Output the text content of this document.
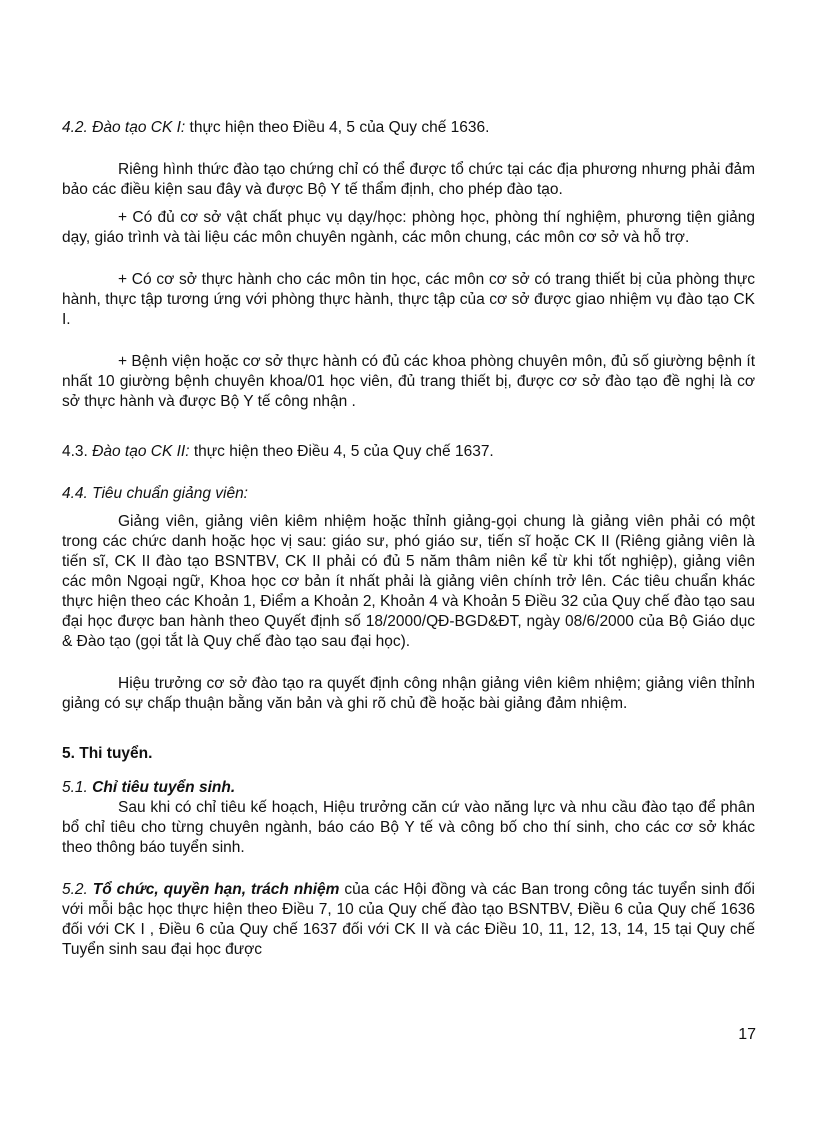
4.2. Đào tạo CK I: thực hiện theo Điều 4, 5 của Quy chế 1636.

Riêng hình thức đào tạo chứng chỉ có thể được tổ chức tại các địa phương nhưng phải đảm bảo các điều kiện sau đây và được Bộ Y tế thẩm định, cho phép đào tạo.

+ Có đủ cơ sở vật chất phục vụ dạy/học: phòng học, phòng thí nghiệm, phương tiện giảng dạy, giáo trình và tài liệu các môn chuyên ngành, các môn chung, các môn cơ sở và hỗ trợ.

+ Có cơ sở thực hành cho các môn tin học, các môn cơ sở có trang thiết bị của phòng thực hành, thực tập tương ứng với phòng thực hành, thực tập của cơ sở được giao nhiệm vụ đào tạo CK I.

+ Bệnh viện hoặc cơ sở thực hành có đủ các khoa phòng chuyên môn, đủ số giường bệnh ít nhất 10 giường bệnh chuyên khoa/01 học viên, đủ trang thiết bị, được cơ sở đào tạo đề nghị là cơ sở thực hành và được Bộ Y tế công nhận .

4.3. Đào tạo CK II: thực hiện theo Điều 4, 5 của Quy chế 1637.

4.4. Tiêu chuẩn giảng viên:

Giảng viên, giảng viên kiêm nhiệm hoặc thỉnh giảng-gọi chung là giảng viên phải có một trong các chức danh hoặc học vị sau: giáo sư, phó giáo sư, tiến sĩ hoặc CK II (Riêng giảng viên là tiến sĩ, CK II đào tạo BSNTBV, CK II phải có đủ 5 năm thâm niên kể từ khi tốt nghiệp), giảng viên các môn Ngoại ngữ, Khoa học cơ bản ít nhất phải là giảng viên chính trở lên. Các tiêu chuẩn khác thực hiện theo các Khoản 1, Điểm a Khoản 2, Khoản 4 và Khoản 5 Điều 32 của Quy chế đào tạo sau đại học được ban hành theo Quyết định số 18/2000/QĐ-BGD&ĐT, ngày 08/6/2000 của Bộ Giáo dục & Đào tạo (gọi tắt là Quy chế đào tạo sau đại học).

Hiệu trưởng cơ sở đào tạo ra quyết định công nhận giảng viên kiêm nhiệm; giảng viên thỉnh giảng có sự chấp thuận bằng văn bản và ghi rõ chủ đề hoặc bài giảng đảm nhiệm.

5. Thi tuyển.

5.1. Chỉ tiêu tuyển sinh.

Sau khi có chỉ tiêu kế hoạch, Hiệu trưởng căn cứ vào năng lực và nhu cầu đào tạo để phân bổ chỉ tiêu cho từng chuyên ngành, báo cáo Bộ Y tế và công bố cho thí sinh, cho các cơ sở khác theo thông báo tuyển sinh.

5.2. Tổ chức, quyền hạn, trách nhiệm của các Hội đồng và các Ban trong công tác tuyển sinh đối với mỗi bậc học thực hiện theo Điều 7, 10 của Quy chế đào tạo BSNTBV, Điều 6 của Quy chế 1636 đối với CK I , Điều 6 của Quy chế 1637 đối với CK II và các Điều 10, 11, 12, 13, 14, 15 tại Quy chế Tuyển sinh sau đại học được

17
